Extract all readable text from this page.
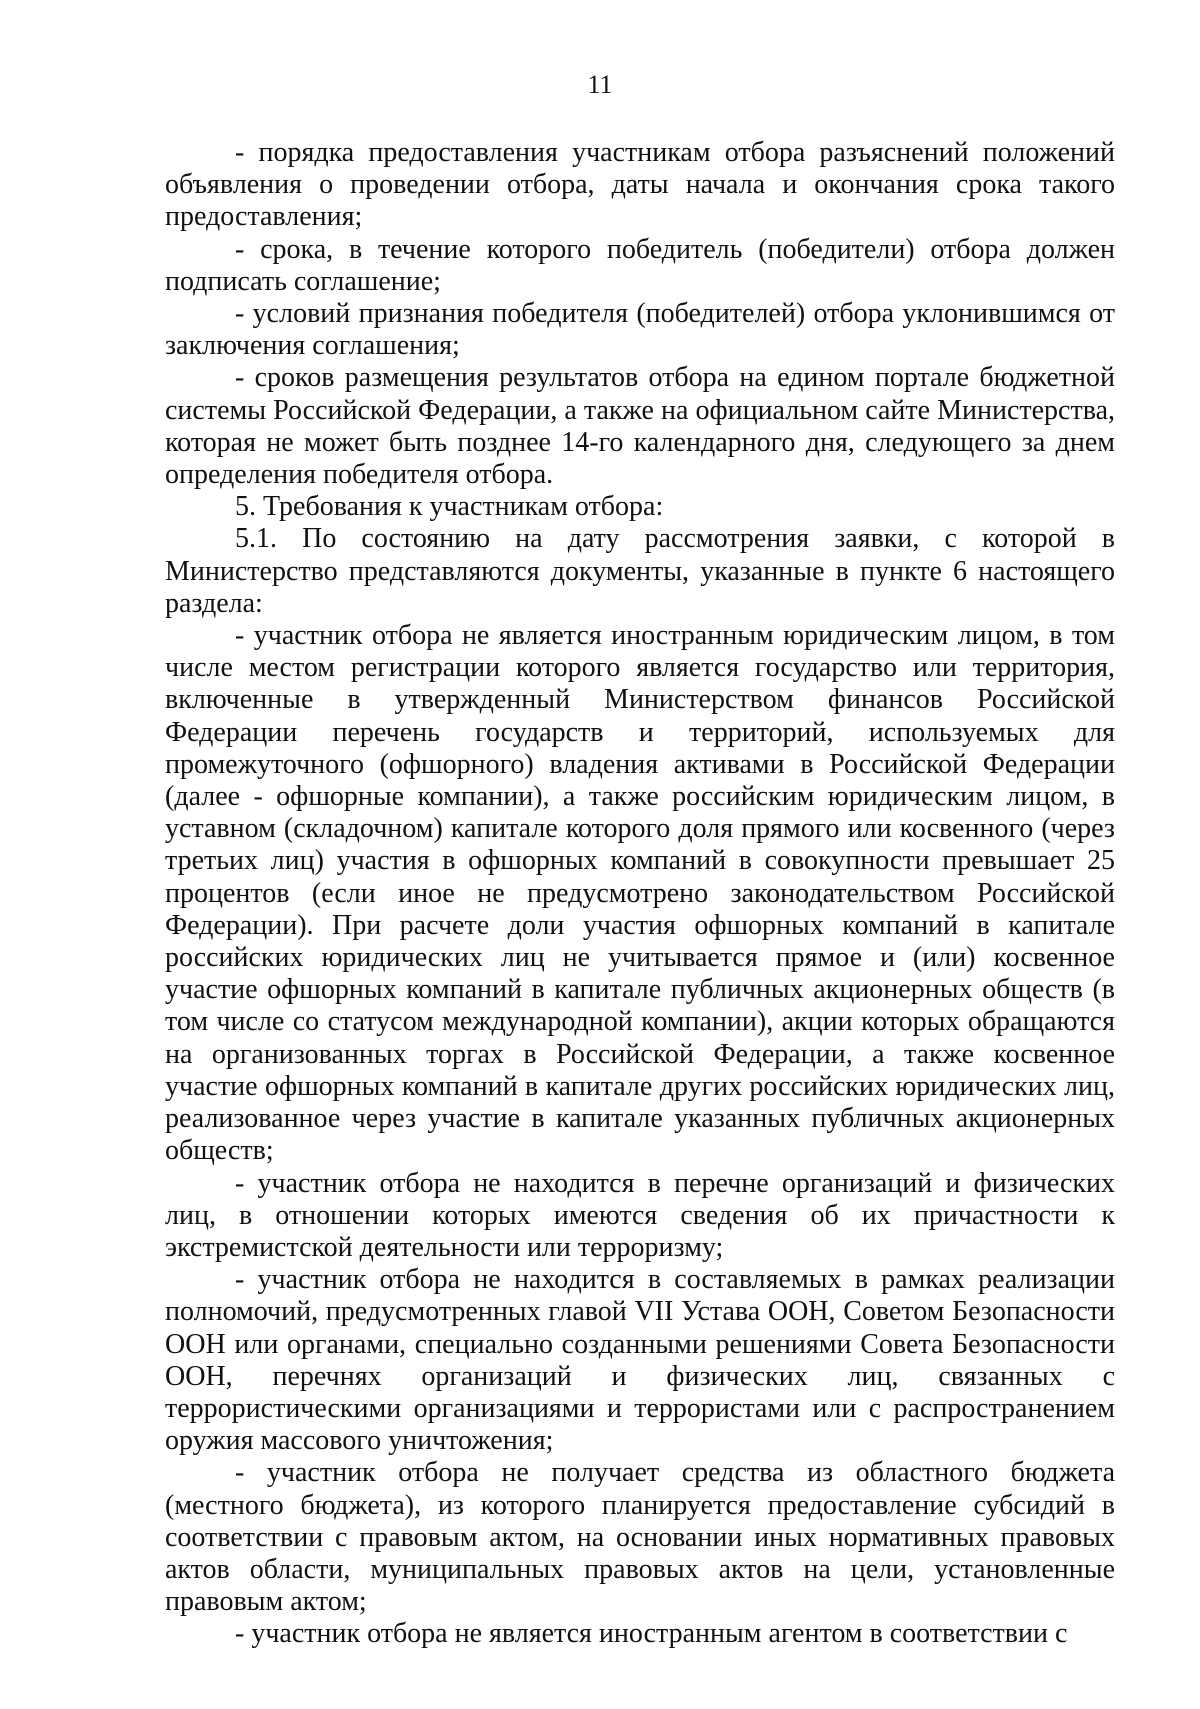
11

- порядка предоставления участникам отбора разъяснений положений объявления о проведении отбора, даты начала и окончания срока такого предоставления;

- срока, в течение которого победитель (победители) отбора должен подписать соглашение;

- условий признания победителя (победителей) отбора уклонившимся от заключения соглашения;

- сроков размещения результатов отбора на едином портале бюджетной системы Российской Федерации, а также на официальном сайте Министерства, которая не может быть позднее 14-го календарного дня, следующего за днем определения победителя отбора.

5. Требования к участникам отбора:

5.1. По состоянию на дату рассмотрения заявки, с которой в Министерство представляются документы, указанные в пункте 6 настоящего раздела:

- участник отбора не является иностранным юридическим лицом, в том числе местом регистрации которого является государство или территория, включенные в утвержденный Министерством финансов Российской Федерации перечень государств и территорий, используемых для промежуточного (офшорного) владения активами в Российской Федерации (далее - офшорные компании), а также российским юридическим лицом, в уставном (складочном) капитале которого доля прямого или косвенного (через третьих лиц) участия в офшорных компаний в совокупности превышает 25 процентов (если иное не предусмотрено законодательством Российской Федерации). При расчете доли участия офшорных компаний в капитале российских юридических лиц не учитывается прямое и (или) косвенное участие офшорных компаний в капитале публичных акционерных обществ (в том числе со статусом международной компании), акции которых обращаются на организованных торгах в Российской Федерации, а также косвенное участие офшорных компаний в капитале других российских юридических лиц, реализованное через участие в капитале указанных публичных акционерных обществ;

- участник отбора не находится в перечне организаций и физических лиц, в отношении которых имеются сведения об их причастности к экстремистской деятельности или терроризму;

- участник отбора не находится в составляемых в рамках реализации полномочий, предусмотренных главой VII Устава ООН, Советом Безопасности ООН или органами, специально созданными решениями Совета Безопасности ООН, перечнях организаций и физических лиц, связанных с террористическими организациями и террористами или с распространением оружия массового уничтожения;

- участник отбора не получает средства из областного бюджета (местного бюджета), из которого планируется предоставление субсидий в соответствии с правовым актом, на основании иных нормативных правовых актов области, муниципальных правовых актов на цели, установленные правовым актом;

- участник отбора не является иностранным агентом в соответствии с
